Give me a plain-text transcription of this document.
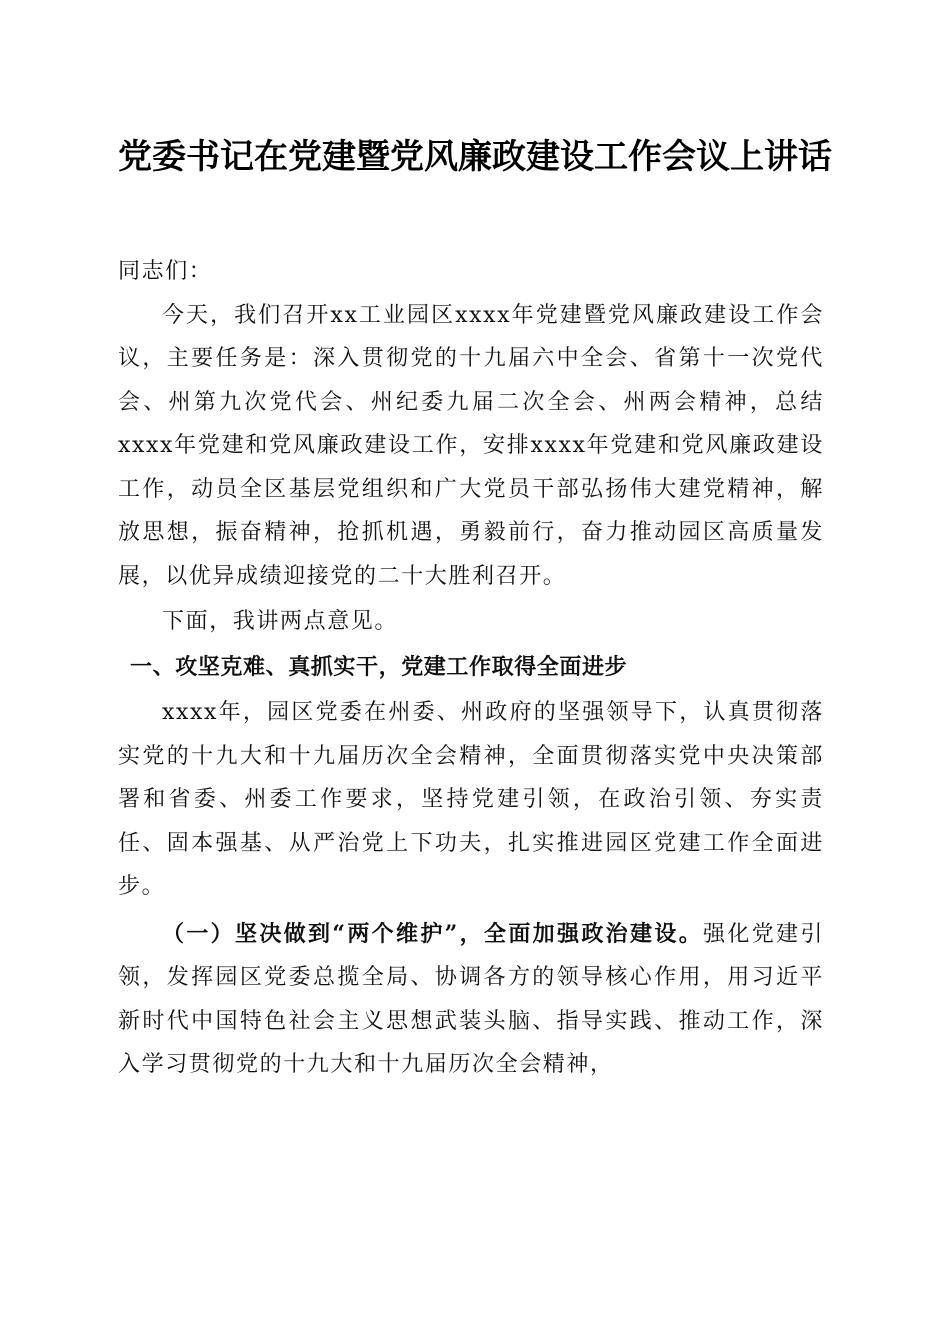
党委书记在党建暨党风廉政建设工作会议上讲话

同志们：

今天，我们召开xx工业园区xxxx年党建暨党风廉政建设工作会议，主要任务是：深入贯彻党的十九届六中全会、省第十一次党代会、州第九次党代会、州纪委九届二次全会、州两会精神，总结xxxx年党建和党风廉政建设工作，安排xxxx年党建和党风廉政建设工作，动员全区基层党组织和广大党员干部弘扬伟大建党精神，解放思想，振奋精神，抢抓机遇，勇毅前行，奋力推动园区高质量发展，以优异成绩迎接党的二十大胜利召开。

下面，我讲两点意见。

一、攻坚克难、真抓实干，党建工作取得全面进步

xxxx年，园区党委在州委、州政府的坚强领导下，认真贯彻落实党的十九大和十九届历次全会精神，全面贯彻落实党中央决策部署和省委、州委工作要求，坚持党建引领，在政治引领、夯实责任、固本强基、从严治党上下功夫，扎实推进园区党建工作全面进步。

（一）坚决做到“两个维护”，全面加强政治建设。强化党建引领，发挥园区党委总揽全局、协调各方的领导核心作用，用习近平新时代中国特色社会主义思想武装头脑、指导实践、推动工作，深入学习贯彻党的十九大和十九届历次全会精神，
